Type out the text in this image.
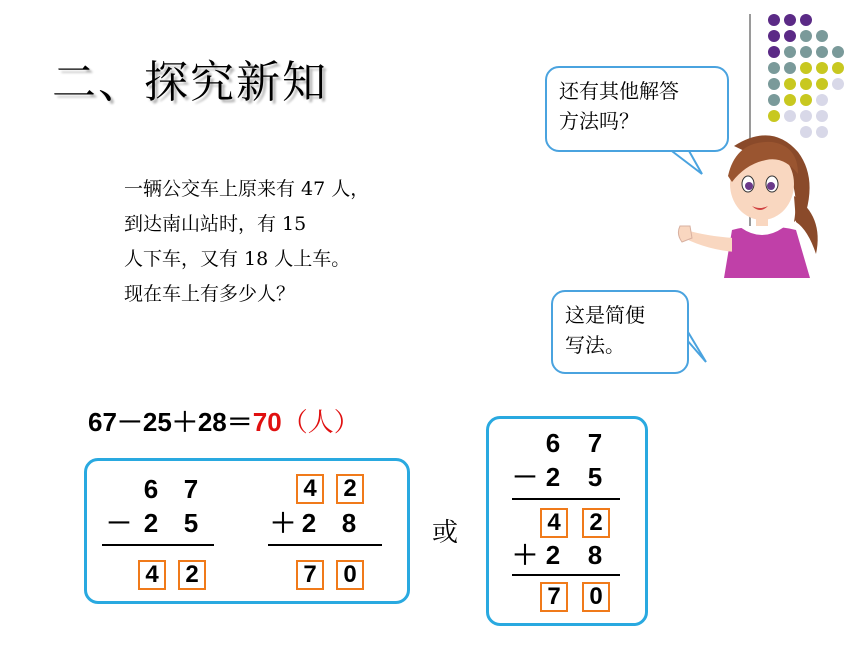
二、探究新知
一辆公交车上原来有 47 人，
到达南山站时，有 15
人下车，又有 18 人上车。
现在车上有多少人？
还有其他解答
方法吗？
这是简便
写法。
67－25＋28＝70（人）
6 7
－ 2 5
4	2
4	2
＋ 2 8
7	0
或
6 7
－ 2 5
4	2
＋ 2 8
7	0
